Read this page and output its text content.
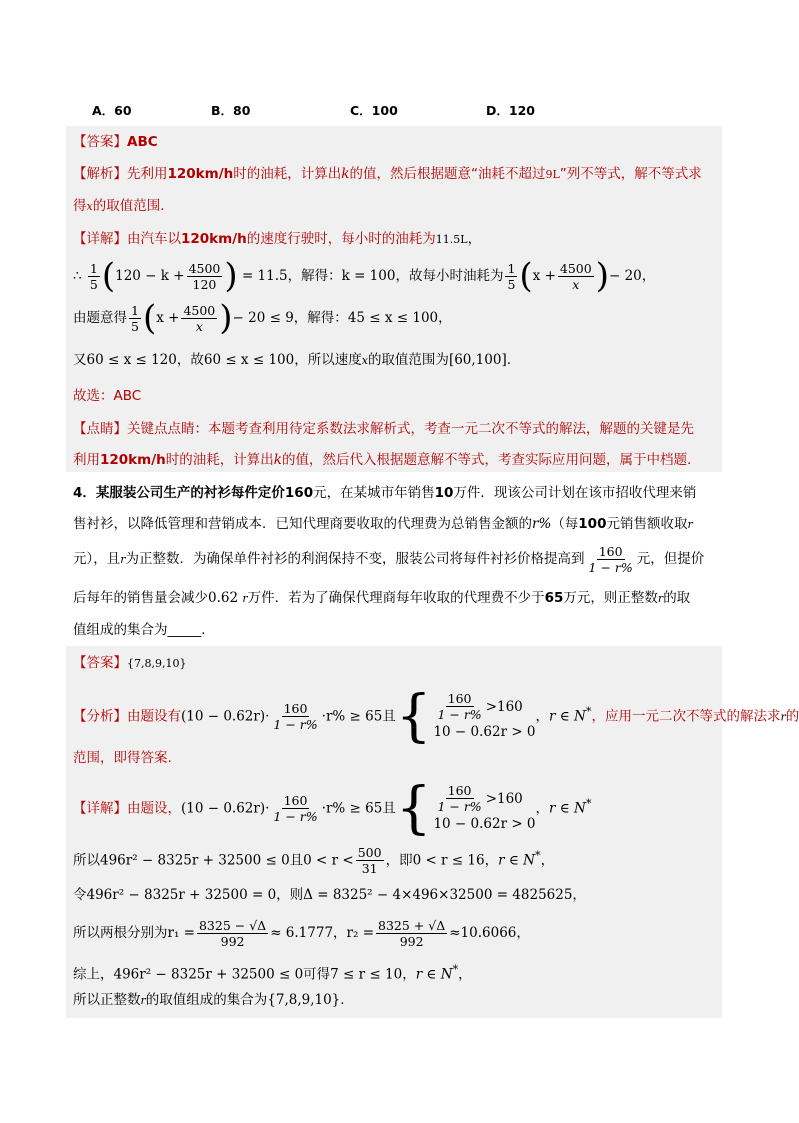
A．60	B．80	C．100	D．120
【答案】ABC
【解析】先利用120km/h时的油耗，计算出k的值，然后根据题意“油耗不超过9L”列不等式，解不等式求
得x的取值范围.
【详解】由汽车以120km/h的速度行驶时，每小时的油耗为11.5L，
∴ $\frac{1}{5} (120 - k + \frac{4500}{120}$ ) = 11.5，解得：k = 100，故每小时油耗为 $\frac{1}{5} (x + \frac{4500}{x}$ )− 20，
由题意得 $\frac{1}{5} (x + \frac{4500}{x}$ )− 20 ≤ 9，解得：45 ≤ x ≤ 100，
又60 ≤ x ≤ 120，故60 ≤ x ≤ 100，所以速度x的取值范围为[60,100].
故选：ABC
【点睛】关键点点睛：本题考查利用待定系数法求解析式，考查一元二次不等式的解法，解题的关键是先
利用120km/h时的油耗，计算出k的值，然后代入根据题意解不等式，考查实际应用问题，属于中档题.
4．某服装公司生产的衬衫每件定价160元，在某城市年销售10万件．现该公司计划在该市招收代理来销
售衬衫，以降低管理和营销成本．已知代理商要收取的代理费为总销售金额的r%（每100元销售额收取r
元），且r为正整数．为确保单件衬衫的利润保持不变，服装公司将每件衬衫价格提高到 $\frac{160}{1 - r\%}$ 元，但提价
后每年的销售量会减少0.62 r万件．若为了确保代理商每年收取的代理费不少于65万元，则正整数r的取
值组成的集合为_____.
【答案】{7,8,9,10}
【分析】由题设有$(10 - 0.62r)\cdot \frac{160}{1 - r\%} \cdot r\% \ge 65$且 { $\frac{160}{1 - r\%} >160$
10 − 0.62r > 0
，r ∈ N*，应用一元二次不等式的解法求r的
范围，即得答案.
【详解】由题设，$(10 - 0.62r)\cdot \frac{160}{1 - r\%} \cdot r\% \ge 65$且 { $\frac{160}{1 - r\%} >160$
10 − 0.62r > 0
，r ∈ N*
所以496r² − 8325r + 32500 ≤ 0且$0 < r < \frac{500}{31}$ ，即0 < r ≤ 16，r ∈ N*，
令496r² − 8325r + 32500 = 0，则Δ = 8325² − 4×496×32500 = 4825625，
所以两根分别为$r_1 = \frac{8325 - √\Delta}{992} \approx 6.1777$，$r_2 = \frac{8325 + √\Delta}{992} \approx 10.6066$，
综上，496r² − 8325r + 32500 ≤ 0可得7 ≤ r ≤ 10，r ∈ N*，
所以正整数r的取值组成的集合为{7,8,9,10}.
